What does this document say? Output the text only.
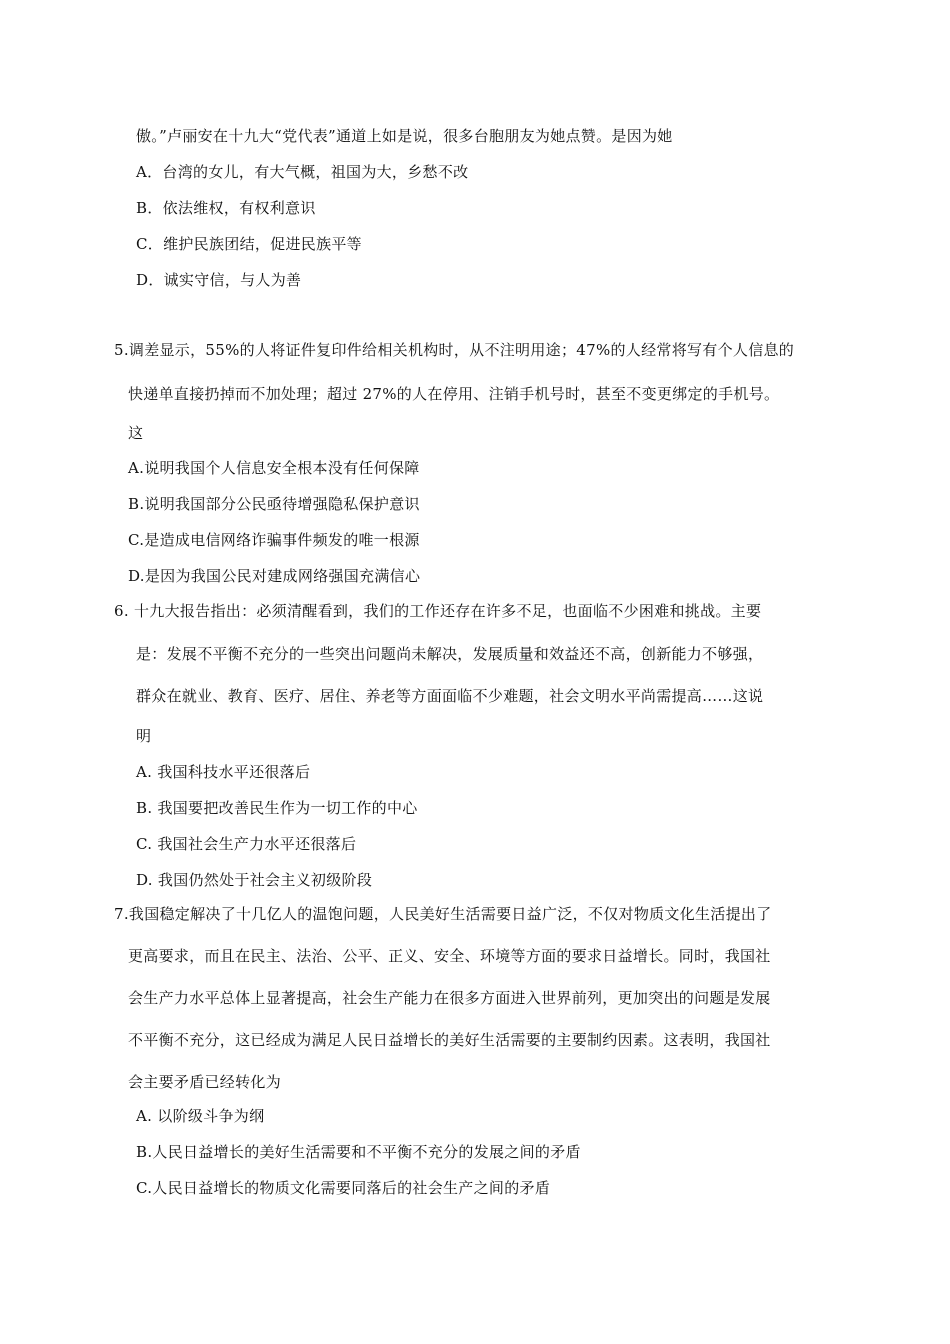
傲。”卢丽安在十九大“党代表”通道上如是说，很多台胞朋友为她点赞。是因为她
A．台湾的女儿，有大气概，祖国为大，乡愁不改
B．依法维权，有权利意识
C．维护民族团结，促进民族平等
D．诚实守信，与人为善
5.调差显示，55%的人将证件复印件给相关机构时，从不注明用途；47%的人经常将写有个人信息的
快递单直接扔掉而不加处理；超过 27%的人在停用、注销手机号时，甚至不变更绑定的手机号。
这
A.说明我国个人信息安全根本没有任何保障
B.说明我国部分公民亟待增强隐私保护意识
C.是造成电信网络诈骗事件频发的唯一根源
D.是因为我国公民对建成网络强国充满信心
6. 十九大报告指出：必须清醒看到，我们的工作还存在许多不足，也面临不少困难和挑战。主要
是：发展不平衡不充分的一些突出问题尚未解决，发展质量和效益还不高，创新能力不够强，
群众在就业、教育、医疗、居住、养老等方面面临不少难题，社会文明水平尚需提高……这说
明
A. 我国科技水平还很落后
B. 我国要把改善民生作为一切工作的中心
C. 我国社会生产力水平还很落后
D. 我国仍然处于社会主义初级阶段
7.我国稳定解决了十几亿人的温饱问题，人民美好生活需要日益广泛，不仅对物质文化生活提出了
更高要求，而且在民主、法治、公平、正义、安全、环境等方面的要求日益增长。同时，我国社
会生产力水平总体上显著提高，社会生产能力在很多方面进入世界前列，更加突出的问题是发展
不平衡不充分，这已经成为满足人民日益增长的美好生活需要的主要制约因素。这表明，我国社
会主要矛盾已经转化为
A. 以阶级斗争为纲
B.人民日益增长的美好生活需要和不平衡不充分的发展之间的矛盾
C.人民日益增长的物质文化需要同落后的社会生产之间的矛盾
